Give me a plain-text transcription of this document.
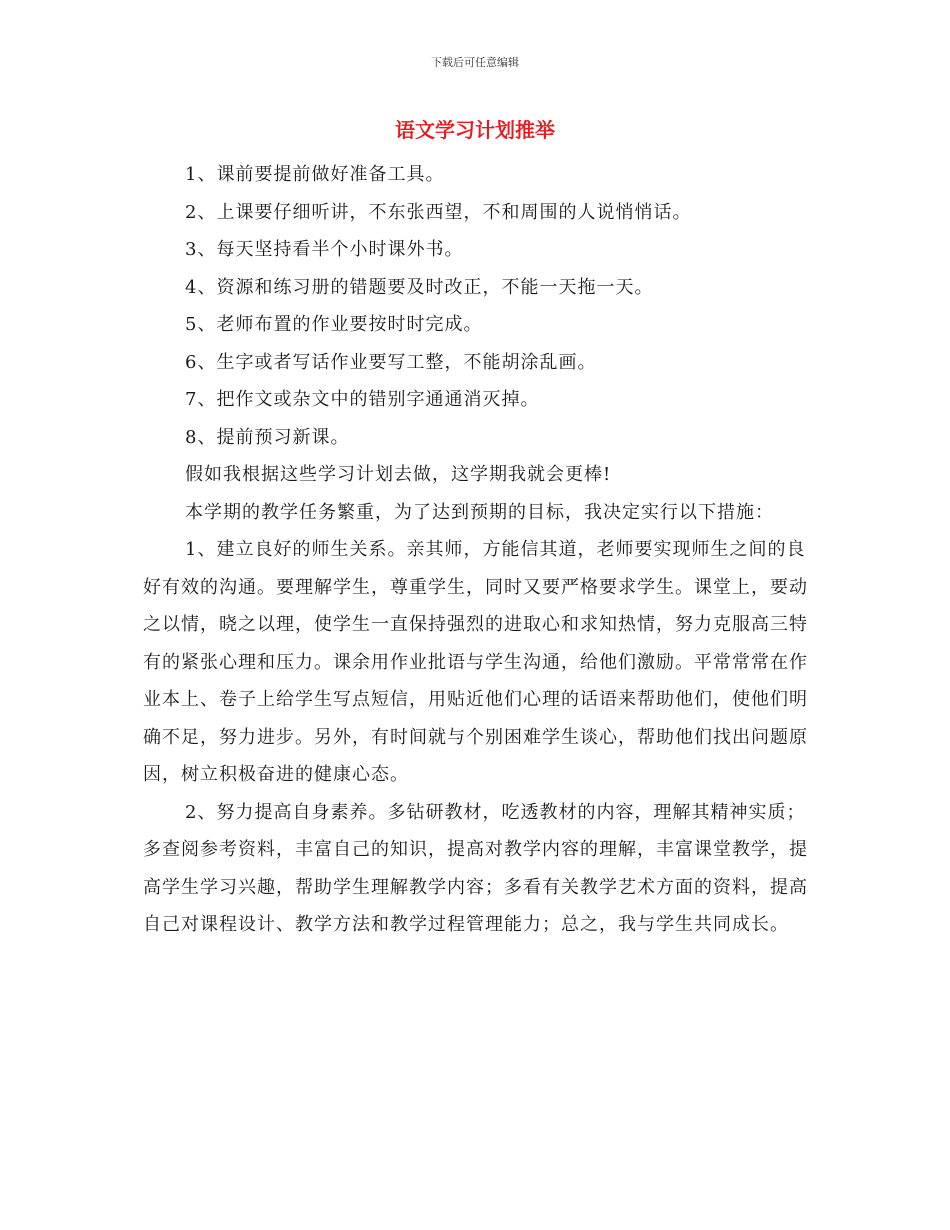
下载后可任意编辑
语文学习计划推举

1、课前要提前做好准备工具。

2、上课要仔细听讲，不东张西望，不和周围的人说悄悄话。

3、每天坚持看半个小时课外书。

4、资源和练习册的错题要及时改正，不能一天拖一天。

5、老师布置的作业要按时时完成。

6、生字或者写话作业要写工整，不能胡涂乱画。

7、把作文或杂文中的错别字通通消灭掉。

8、提前预习新课。

假如我根据这些学习计划去做，这学期我就会更棒!

本学期的教学任务繁重，为了达到预期的目标，我决定实行以下措施：

1、建立良好的师生关系。亲其师，方能信其道，老师要实现师生之间的良好有效的沟通。要理解学生，尊重学生，同时又要严格要求学生。课堂上，要动之以情，晓之以理，使学生一直保持强烈的进取心和求知热情，努力克服高三特有的紧张心理和压力。课余用作业批语与学生沟通，给他们激励。平常常常在作业本上、卷子上给学生写点短信，用贴近他们心理的话语来帮助他们，使他们明确不足，努力进步。另外，有时间就与个别困难学生谈心，帮助他们找出问题原因，树立积极奋进的健康心态。

2、努力提高自身素养。多钻研教材，吃透教材的内容，理解其精神实质；多查阅参考资料，丰富自己的知识，提高对教学内容的理解，丰富课堂教学，提高学生学习兴趣，帮助学生理解教学内容；多看有关教学艺术方面的资料，提高自己对课程设计、教学方法和教学过程管理能力；总之，我与学生共同成长。
